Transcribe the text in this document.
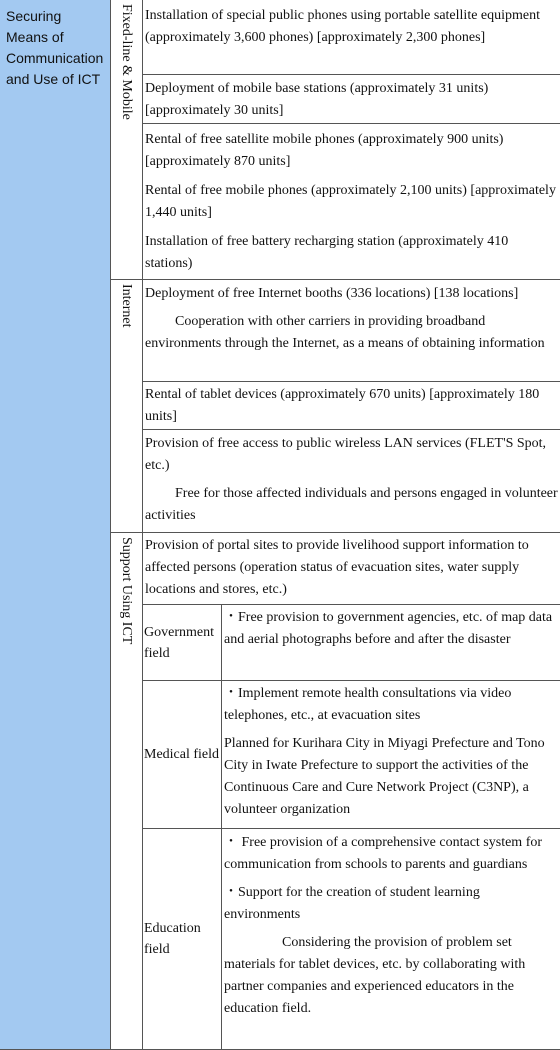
Securing Means of Communication and Use of ICT	Fixed-line & Mobile
Internet
Support Using ICT

Installation of special public phones using portable satellite equipment (approximately 3,600 phones) [approximately 2,300 phones]

Deployment of mobile base stations (approximately 31 units) [approximately 30 units]

Rental of free satellite mobile phones (approximately 900 units) [approximately 870 units]

Rental of free mobile phones (approximately 2,100 units) [approximately 1,440 units]

Installation of free battery recharging station (approximately 410 stations)

Deployment of free Internet booths (336 locations) [138 locations]

Cooperation with other carriers in providing broadband environments through the Internet, as a means of obtaining information

Rental of tablet devices (approximately 670 units) [approximately 180 units]

Provision of free access to public wireless LAN services (FLET'S Spot, etc.)

Free for those affected individuals and persons engaged in volunteer activities

Provision of portal sites to provide livelihood support information to affected persons (operation status of evacuation sites, water supply locations and stores, etc.)

Government field

・Free provision to government agencies, etc. of map data and aerial photographs before and after the disaster

Medical field

・Implement remote health consultations via video telephones, etc., at evacuation sites

Planned for Kurihara City in Miyagi Prefecture and Tono City in Iwate Prefecture to support the activities of the Continuous Care and Cure Network Project (C3NP), a volunteer organization

Education field

・ Free provision of a comprehensive contact system for communication from schools to parents and guardians

・Support for the creation of student learning environments

Considering the provision of problem set materials for tablet devices, etc. by collaborating with partner companies and experienced educators in the education field.
